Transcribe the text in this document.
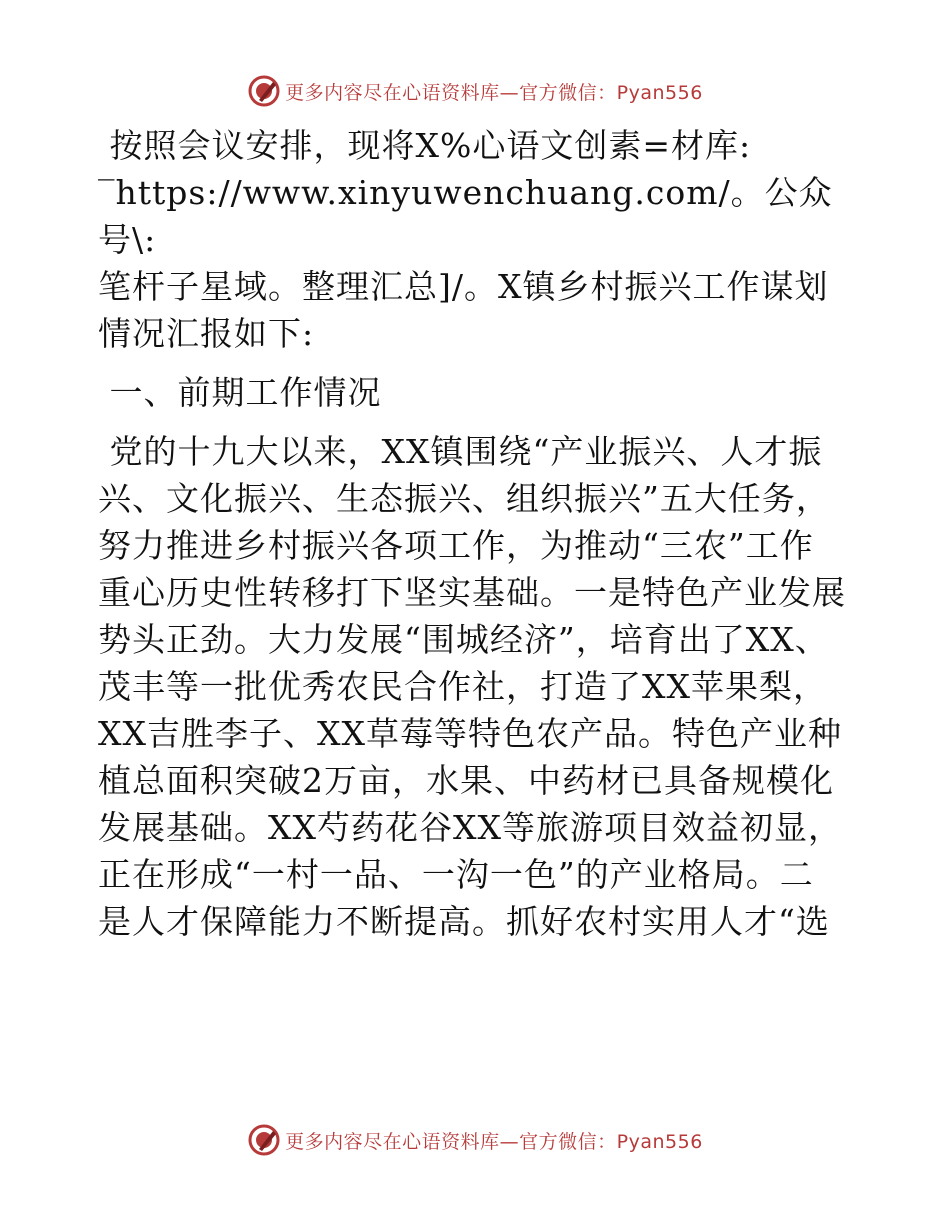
更多内容尽在心语资料库—官方微信：Pyan556

按照会议安排，现将X%心语文创素=材库:

‾https://www.xinyuwenchuang.com/。公众号\:

笔杆子星域。整理汇总]/。X镇乡村振兴工作谋划

情况汇报如下:

一、前期工作情况

党的十九大以来，XX镇围绕“产业振兴、人才振

兴、文化振兴、生态振兴、组织振兴”五大任务，

努力推进乡村振兴各项工作，为推动“三农”工作

重心历史性转移打下坚实基础。一是特色产业发展

势头正劲。大力发展“围城经济”，培育出了XX、

茂丰等一批优秀农民合作社，打造了XX苹果梨，

XX吉胜李子、XX草莓等特色农产品。特色产业种

植总面积突破2万亩，水果、中药材已具备规模化

发展基础。XX芍药花谷XX等旅游项目效益初显，

正在形成“一村一品、一沟一色”的产业格局。二

是人才保障能力不断提高。抓好农村实用人才“选

更多内容尽在心语资料库—官方微信：Pyan556
